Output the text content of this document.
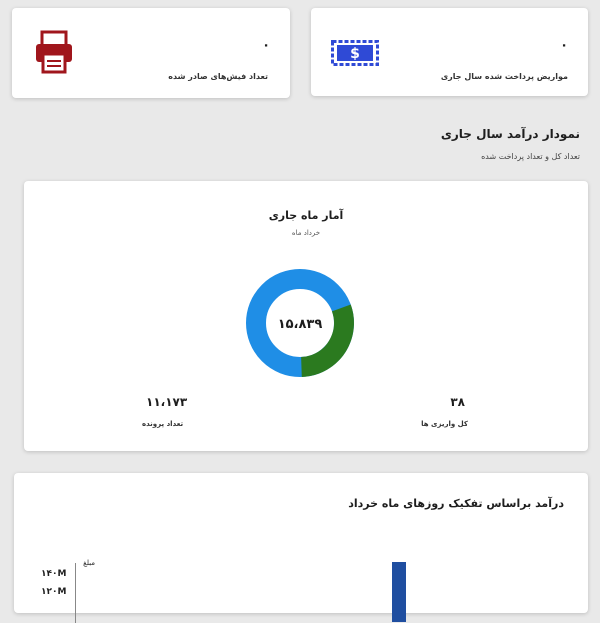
۰
تعداد فیش‌های صادر شده
$
۰
مواریض پرداخت شده سال جاری
نمودار درآمد سال جاری
تعداد کل و تعداد پرداخت شده
آمار ماه جاری
خرداد ماه
۱۵،۸۳۹
۳۸
کل واریزی ها
۱۱،۱۷۳
تعداد پرونده
درآمد براساس تفکیک روزهای ماه خرداد
۱۴۰M
۱۲۰M
مبلغ
